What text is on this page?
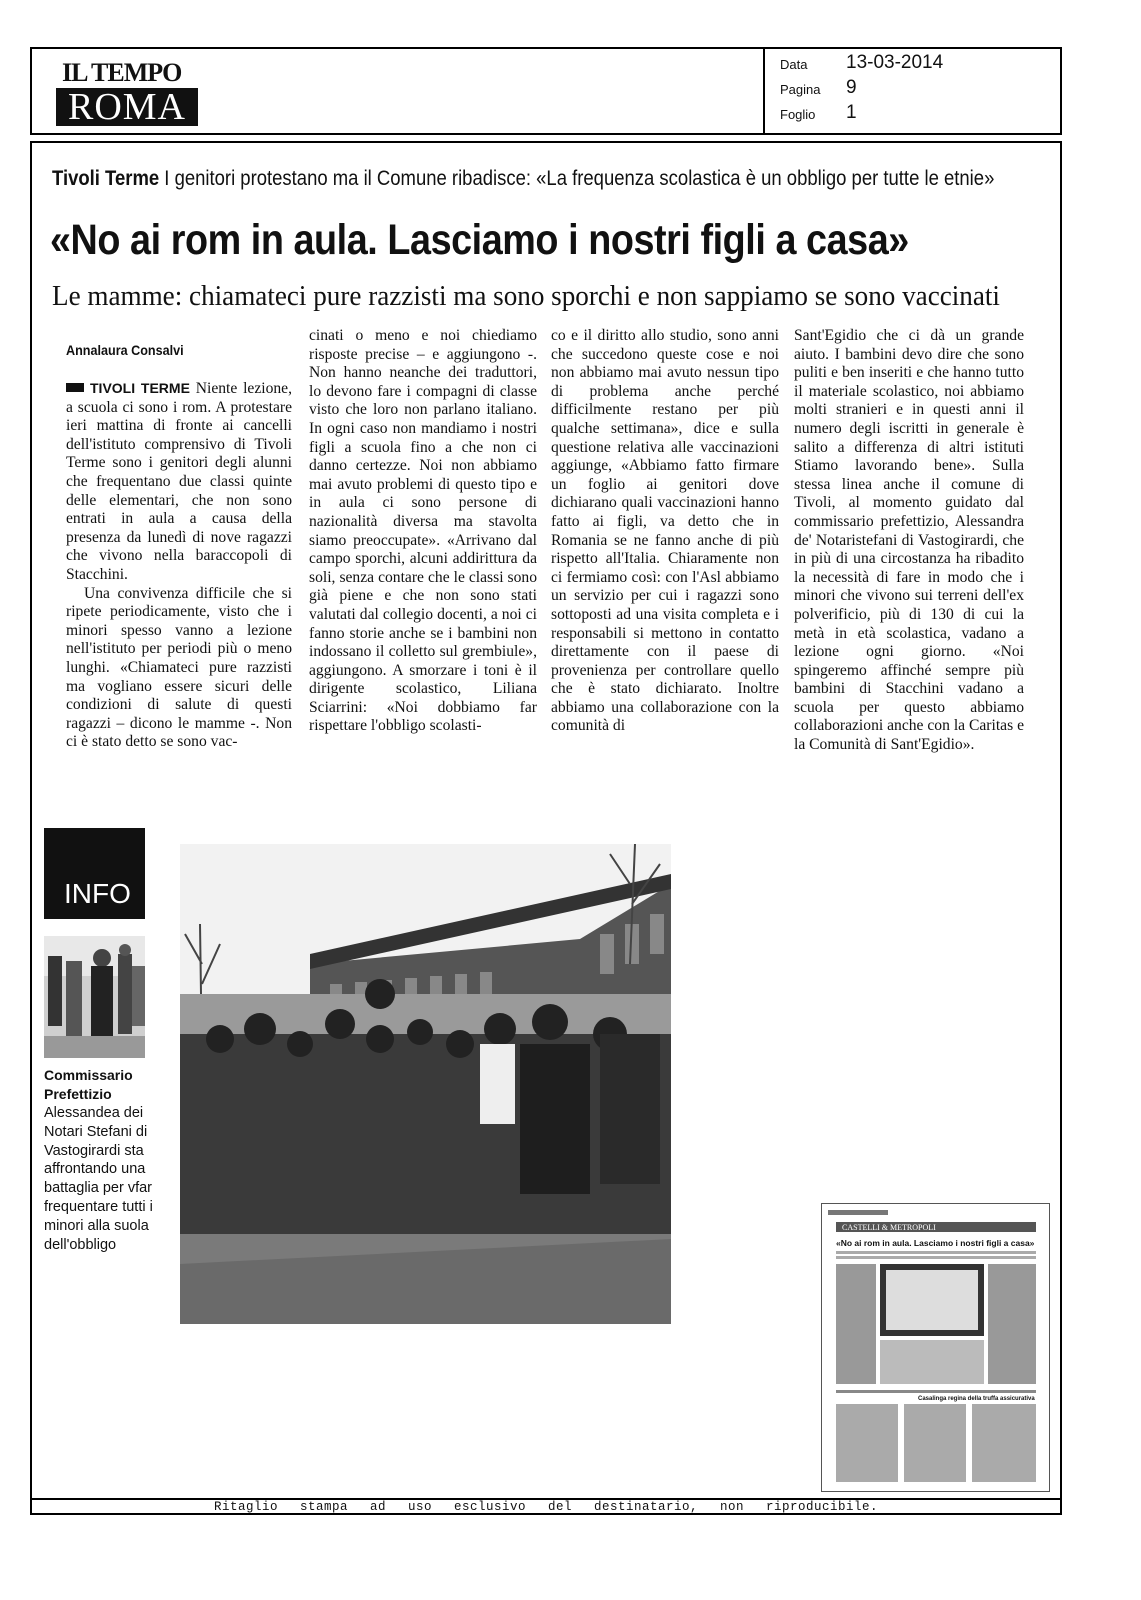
IL TEMPO
ROMA
Data 13-03-2014
Pagina 9
Foglio 1
Tivoli Terme I genitori protestano ma il Comune ribadisce: «La frequenza scolastica è un obbligo per tutte le etnie»
«No ai rom in aula. Lasciamo i nostri figli a casa»
Le mamme: chiamateci pure razzisti ma sono sporchi e non sappiamo se sono vaccinati
Annalaura Consalvi

TIVOLI TERME Niente lezione, a scuola ci sono i rom. A protestare ieri mattina di fronte ai cancelli dell'istituto comprensivo di Tivoli Terme sono i genitori degli alunni che frequentano due classi quinte delle elementari, che non sono entrati in aula a causa della presenza da lunedì di nove ragazzi che vivono nella baraccopoli di Stacchini.

Una convivenza difficile che si ripete periodicamente, visto che i minori spesso vanno a lezione nell'istituto per periodi più o meno lunghi. «Chiamateci pure razzisti ma vogliano essere sicuri delle condizioni di salute di questi ragazzi – dicono le mamme -. Non ci è stato detto se sono vac-

cinati o meno e noi chiediamo risposte precise – e aggiungono -. Non hanno neanche dei traduttori, lo devono fare i compagni di classe visto che loro non parlano italiano. In ogni caso non mandiamo i nostri figli a scuola fino a che non ci danno certezze. Noi non abbiamo mai avuto problemi di questo tipo e in aula ci sono persone di nazionalità diversa ma stavolta siamo preoccupate». «Arrivano dal campo sporchi, alcuni addirittura da soli, senza contare che le classi sono già piene e che non sono stati valutati dal collegio docenti, a noi ci fanno storie anche se i bambini non indossano il colletto sul grembiule», aggiungono. A smorzare i toni è il dirigente scolastico, Liliana Sciarrini: «Noi dobbiamo far rispettare l'obbligo scolasti-

co e il diritto allo studio, sono anni che succedono queste cose e noi non abbiamo mai avuto nessun tipo di problema anche perché difficilmente restano per più qualche settimana», dice e sulla questione relativa alle vaccinazioni aggiunge, «Abbiamo fatto firmare un foglio ai genitori dove dichiarano quali vaccinazioni hanno fatto ai figli, va detto che in Romania se ne fanno anche di più rispetto all'Italia. Chiaramente non ci fermiamo così: con l'Asl abbiamo un servizio per cui i ragazzi sono sottoposti ad una visita completa e i responsabili si mettono in contatto direttamente con il paese di provenienza per controllare quello che è stato dichiarato. Inoltre abbiamo una collaborazione con la comunità di

Sant'Egidio che ci dà un grande aiuto. I bambini devo dire che sono puliti e ben inseriti e che hanno tutto il materiale scolastico, noi abbiamo molti stranieri e in questi anni il numero degli iscritti in generale è salito a differenza di altri istituti Stiamo lavorando bene». Sulla stessa linea anche il comune di Tivoli, al momento guidato dal commissario prefettizio, Alessandra de' Notaristefani di Vastogirardi, che in più di una circostanza ha ribadito la necessità di fare in modo che i minori che vivono sui terreni dell'ex polverificio, più di 130 di cui la metà in età scolastica, vadano a lezione ogni giorno. «Noi spingeremo affinché sempre più bambini di Stacchini vadano a scuola per questo abbiamo collaborazioni anche con la Caritas e la Comunità di Sant'Egidio».

INFO
Commissario Prefettizio
Alessandea dei Notari Stefani di Vastogirardi sta affrontando una battaglia per vfar frequentare tutti i minori alla suola dell'obbligo
CASTELLI & METROPOLI
«No ai rom in aula. Lasciamo i nostri figli a casa»
Casalinga regina della truffa assicurativa
Ritaglio stampa ad uso esclusivo del destinatario, non riproducibile.
